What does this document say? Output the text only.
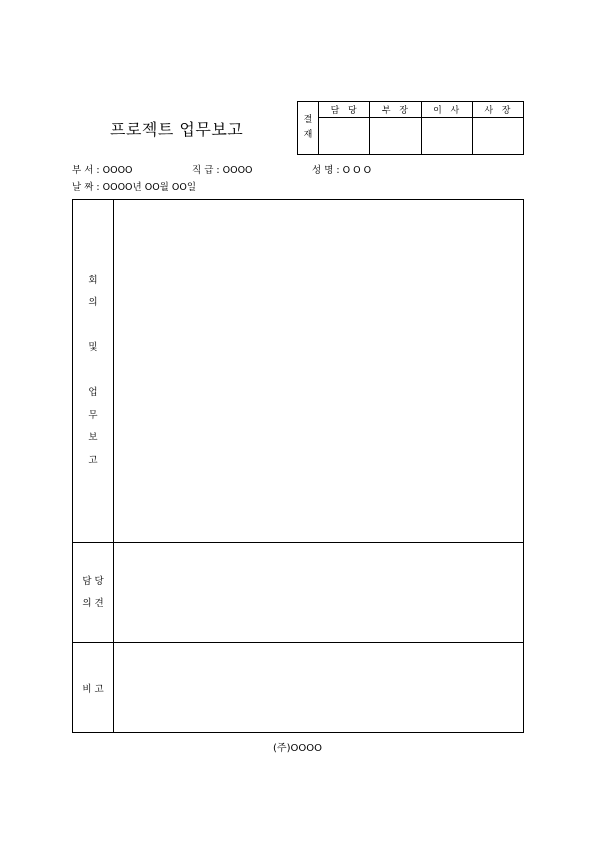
프로젝트 업무보고	결
재
담  당	부  장	이  사	사  장
부 서 : OOOO	직 급 : OOOO	성 명 : O O O
날 짜 : OOOO년 OO월 OO일
회
의

및

업
무
보
고
담 당
의 견
비 고
(주)OOOO
